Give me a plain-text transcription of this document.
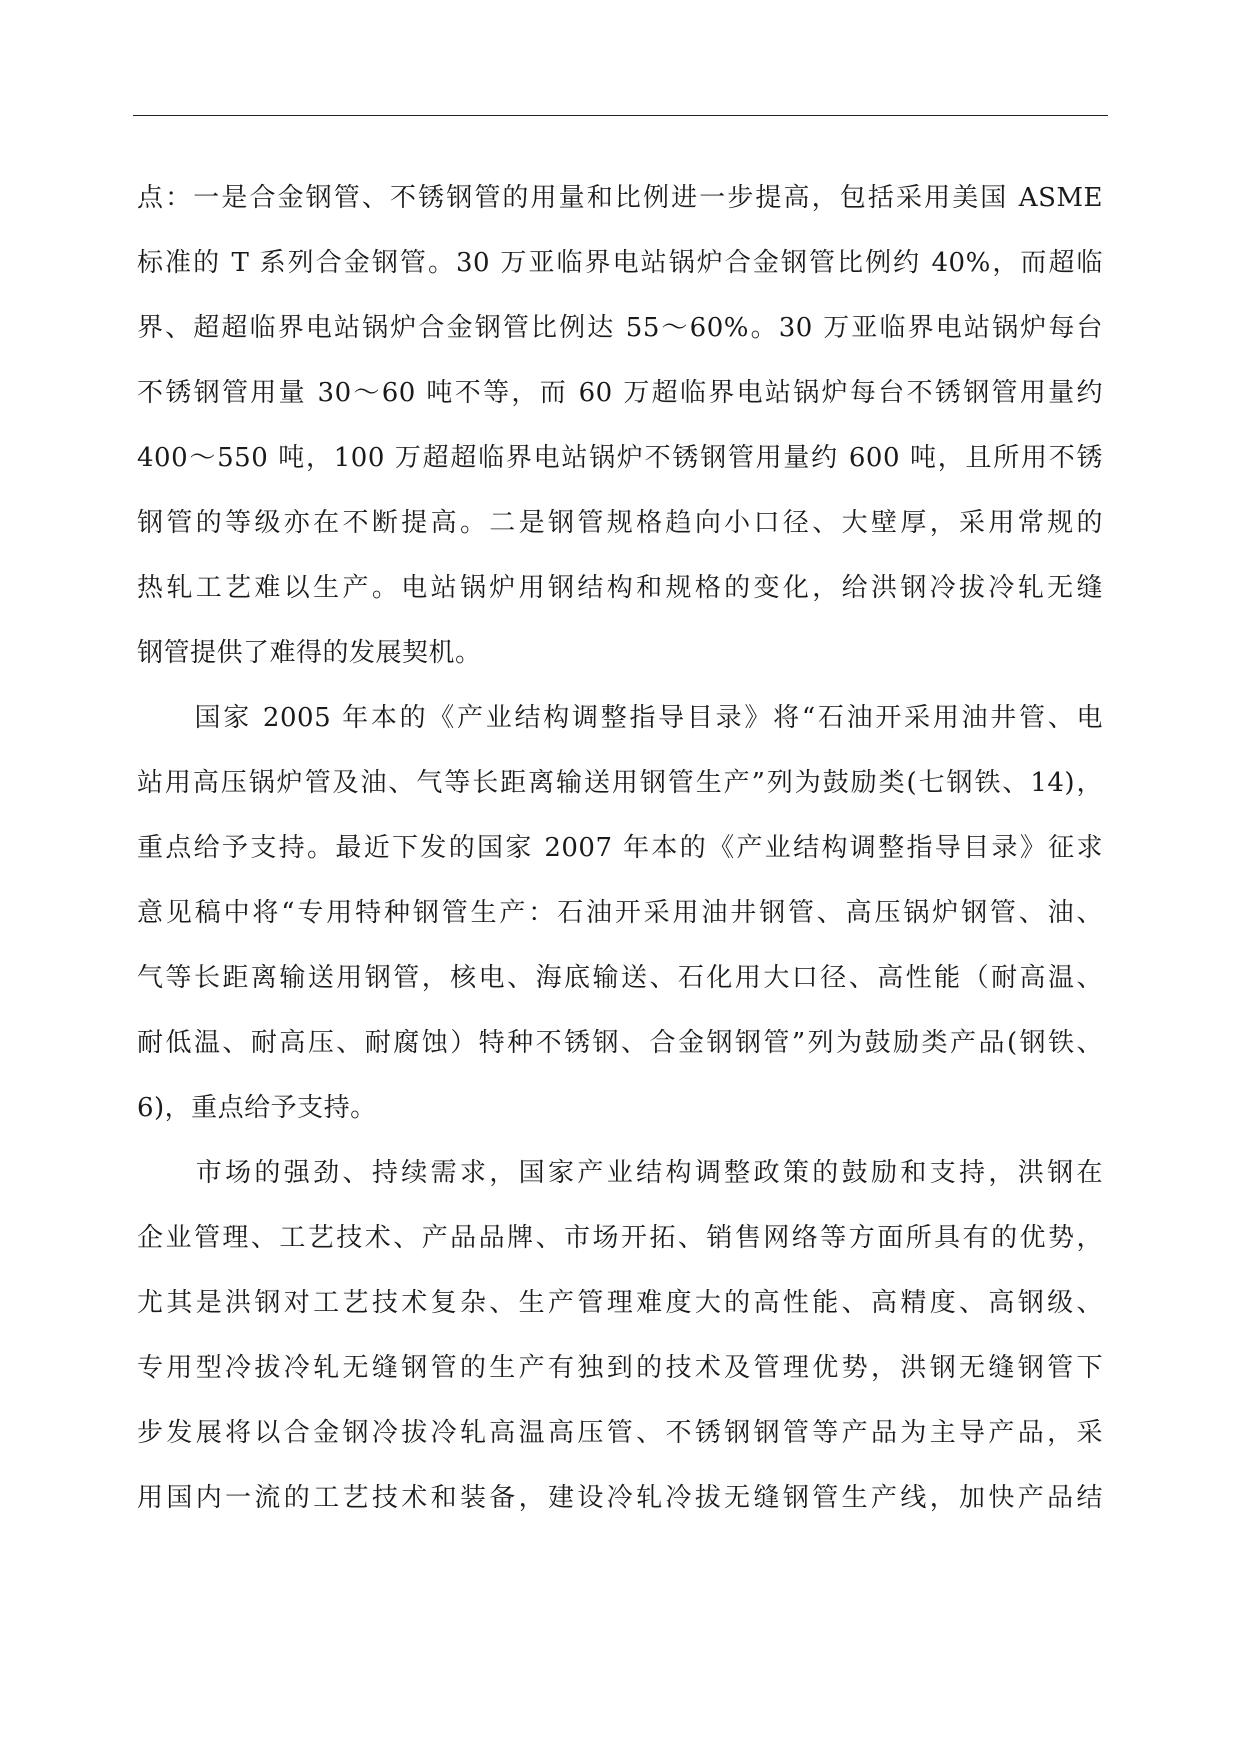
点：一是合金钢管、不锈钢管的用量和比例进一步提高，包括采用美国 ASME
标准的 T 系列合金钢管。30 万亚临界电站锅炉合金钢管比例约 40%，而超临
界、超超临界电站锅炉合金钢管比例达 55～60%。30 万亚临界电站锅炉每台
不锈钢管用量 30～60 吨不等，而 60 万超临界电站锅炉每台不锈钢管用量约
400～550 吨，100 万超超临界电站锅炉不锈钢管用量约 600 吨，且所用不锈
钢管的等级亦在不断提高。二是钢管规格趋向小口径、大壁厚，采用常规的
热轧工艺难以生产。电站锅炉用钢结构和规格的变化，给洪钢冷拔冷轧无缝
钢管提供了难得的发展契机。
　　国家 2005 年本的《产业结构调整指导目录》将“石油开采用油井管、电
站用高压锅炉管及油、气等长距离输送用钢管生产”列为鼓励类(七钢铁、14)，
重点给予支持。最近下发的国家 2007 年本的《产业结构调整指导目录》征求
意见稿中将“专用特种钢管生产：石油开采用油井钢管、高压锅炉钢管、油、
气等长距离输送用钢管，核电、海底输送、石化用大口径、高性能（耐高温、
耐低温、耐高压、耐腐蚀）特种不锈钢、合金钢钢管”列为鼓励类产品(钢铁、
6)，重点给予支持。
　　市场的强劲、持续需求，国家产业结构调整政策的鼓励和支持，洪钢在
企业管理、工艺技术、产品品牌、市场开拓、销售网络等方面所具有的优势，
尤其是洪钢对工艺技术复杂、生产管理难度大的高性能、高精度、高钢级、
专用型冷拔冷轧无缝钢管的生产有独到的技术及管理优势，洪钢无缝钢管下
步发展将以合金钢冷拔冷轧高温高压管、不锈钢钢管等产品为主导产品，采
用国内一流的工艺技术和装备，建设冷轧冷拔无缝钢管生产线，加快产品结
